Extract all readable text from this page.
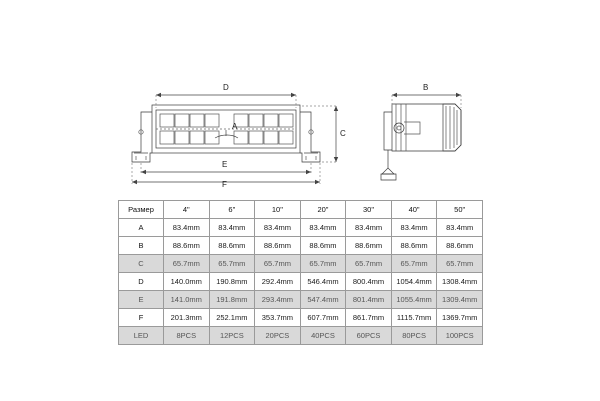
D
A
C
E
F
B
Размер	4"	6"	10"	20"	30"	40"	50"
A	83.4mm	83.4mm	83.4mm	83.4mm	83.4mm	83.4mm	83.4mm
B	88.6mm	88.6mm	88.6mm	88.6mm	88.6mm	88.6mm	88.6mm
C	65.7mm	65.7mm	65.7mm	65.7mm	65.7mm	65.7mm	65.7mm
D	140.0mm	190.8mm	292.4mm	546.4mm	800.4mm	1054.4mm	1308.4mm
E	141.0mm	191.8mm	293.4mm	547.4mm	801.4mm	1055.4mm	1309.4mm
F	201.3mm	252.1mm	353.7mm	607.7mm	861.7mm	1115.7mm	1369.7mm
LED	8PCS	12PCS	20PCS	40PCS	60PCS	80PCS	100PCS
